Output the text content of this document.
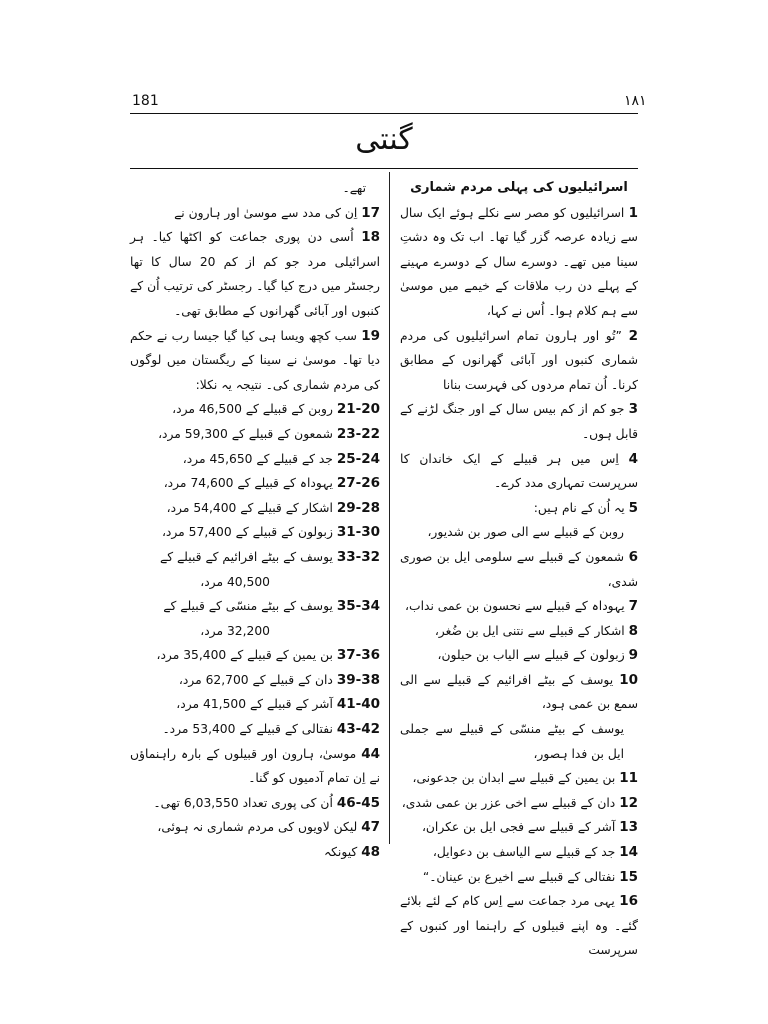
181	۱۸۱
گنتی

اسرائیلیوں کی پہلی مردم شماری

1 اسرائیلیوں کو مصر سے نکلے ہوئے ایک سال سے زیادہ عرصہ گزر گیا تھا۔ اب تک وہ دشتِ سینا میں تھے۔ دوسرے سال کے دوسرے مہینے کے پہلے دن رب ملاقات کے خیمے میں موسیٰ سے ہم کلام ہوا۔ اُس نے کہا،

2 ”تُو اور ہارون تمام اسرائیلیوں کی مردم شماری کنبوں اور آبائی گھرانوں کے مطابق کرنا۔ اُن تمام مردوں کی فہرست بنانا

3 جو کم از کم بیس سال کے اور جنگ لڑنے کے قابل ہوں۔

4 اِس میں ہر قبیلے کے ایک خاندان کا سرپرست تمہاری مدد کرے۔

5 یہ اُن کے نام ہیں:

روبن کے قبیلے سے الی صور بن شدیور،

6 شمعون کے قبیلے سے سلومی ایل بن صوری شدی،

7 یہوداہ کے قبیلے سے نحسون بن عمی نداب،

8 اشکار کے قبیلے سے نتنی ایل بن ضُغر،

9 زبولون کے قبیلے سے الیاب بن حیلون،

10 یوسف کے بیٹے افرائیم کے قبیلے سے الی سمع بن عمی ہود،

یوسف کے بیٹے منسّی کے قبیلے سے جملی ایل بن فدا ہصور،

11 بن یمین کے قبیلے سے ابدان بن جدعونی،

12 دان کے قبیلے سے اخی عزر بن عمی شدی،

13 آشر کے قبیلے سے فجی ایل بن عکران،

14 جد کے قبیلے سے الیاسف بن دعوایل،

15 نفتالی کے قبیلے سے اخیرع بن عینان۔“

16 یہی مرد جماعت سے اِس کام کے لئے بلائے گئے۔ وہ اپنے قبیلوں کے راہنما اور کنبوں کے سرپرست

تھے۔

17 اِن کی مدد سے موسیٰ اور ہارون نے

18 اُسی دن پوری جماعت کو اکٹھا کیا۔ ہر اسرائیلی مرد جو کم از کم 20 سال کا تھا رجسٹر میں درج کیا گیا۔ رجسٹر کی ترتیب اُن کے کنبوں اور آبائی گھرانوں کے مطابق تھی۔

19 سب کچھ ویسا ہی کیا گیا جیسا رب نے حکم دیا تھا۔ موسیٰ نے سینا کے ریگستان میں لوگوں کی مردم شماری کی۔ نتیجہ یہ نکلا:

21-20 روبن کے قبیلے کے 46,500 مرد،

23-22 شمعون کے قبیلے کے 59,300 مرد،

25-24 جد کے قبیلے کے 45,650 مرد،

27-26 یہوداہ کے قبیلے کے 74,600 مرد،

29-28 اشکار کے قبیلے کے 54,400 مرد،

31-30 زبولون کے قبیلے کے 57,400 مرد،

33-32 یوسف کے بیٹے افرائیم کے قبیلے کے

40,500 مرد،

35-34 یوسف کے بیٹے منسّی کے قبیلے کے

32,200 مرد،

37-36 بن یمین کے قبیلے کے 35,400 مرد،

39-38 دان کے قبیلے کے 62,700 مرد،

41-40 آشر کے قبیلے کے 41,500 مرد،

43-42 نفتالی کے قبیلے کے 53,400 مرد۔

44 موسیٰ، ہارون اور قبیلوں کے بارہ راہنماؤں نے اِن تمام آدمیوں کو گنا۔

46-45 اُن کی پوری تعداد 6,03,550 تھی۔

47 لیکن لاویوں کی مردم شماری نہ ہوئی،

48 کیونکہ
